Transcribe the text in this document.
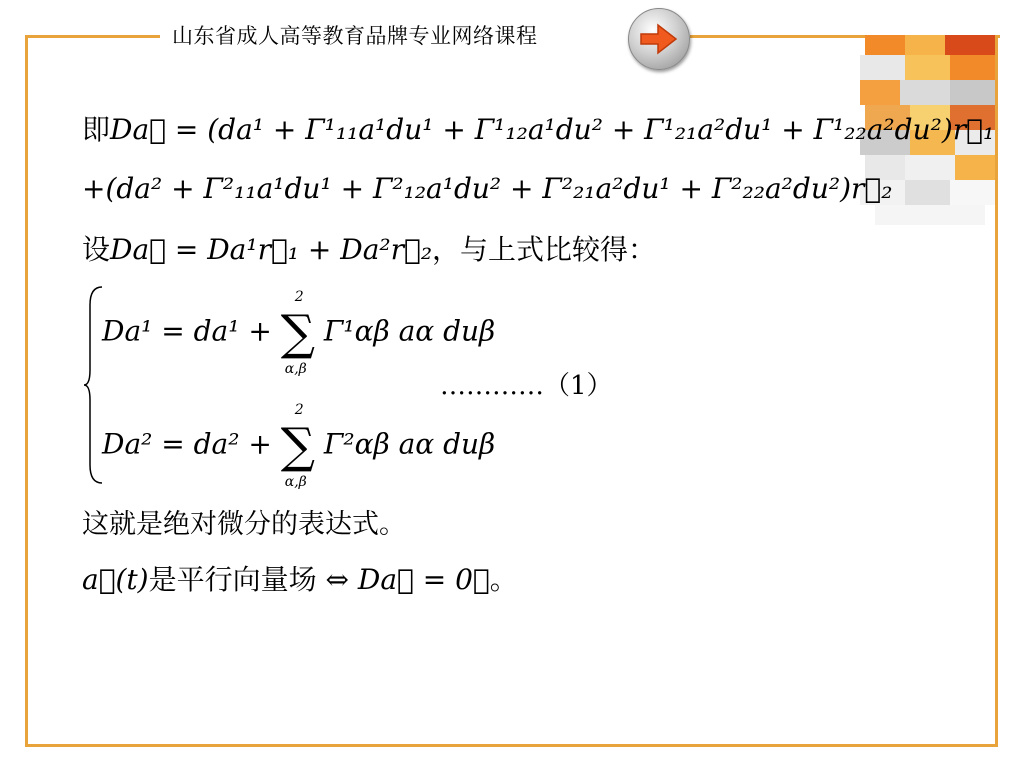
山东省成人高等教育品牌专业网络课程
即Da⃗ = (da¹ + Γ¹₁₁a¹du¹ + Γ¹₁₂a¹du² + Γ¹₂₁a²du¹ + Γ¹₂₂a²du²)r⃗₁
+(da² + Γ²₁₁a¹du¹ + Γ²₁₂a¹du² + Γ²₂₁a²du¹ + Γ²₂₂a²du²)r⃗₂
设Da⃗ = Da¹r⃗₁ + Da²r⃗₂，与上式比较得：
Da¹ = da¹ + ∑
2
α,β
Γ¹αβ aα duβ
…………（1）
Da² = da² + ∑
2
α,β
Γ²αβ aα duβ
这就是绝对微分的表达式。
a⃗(t)是平行向量场 ⇔ Da⃗ = 0⃗。
